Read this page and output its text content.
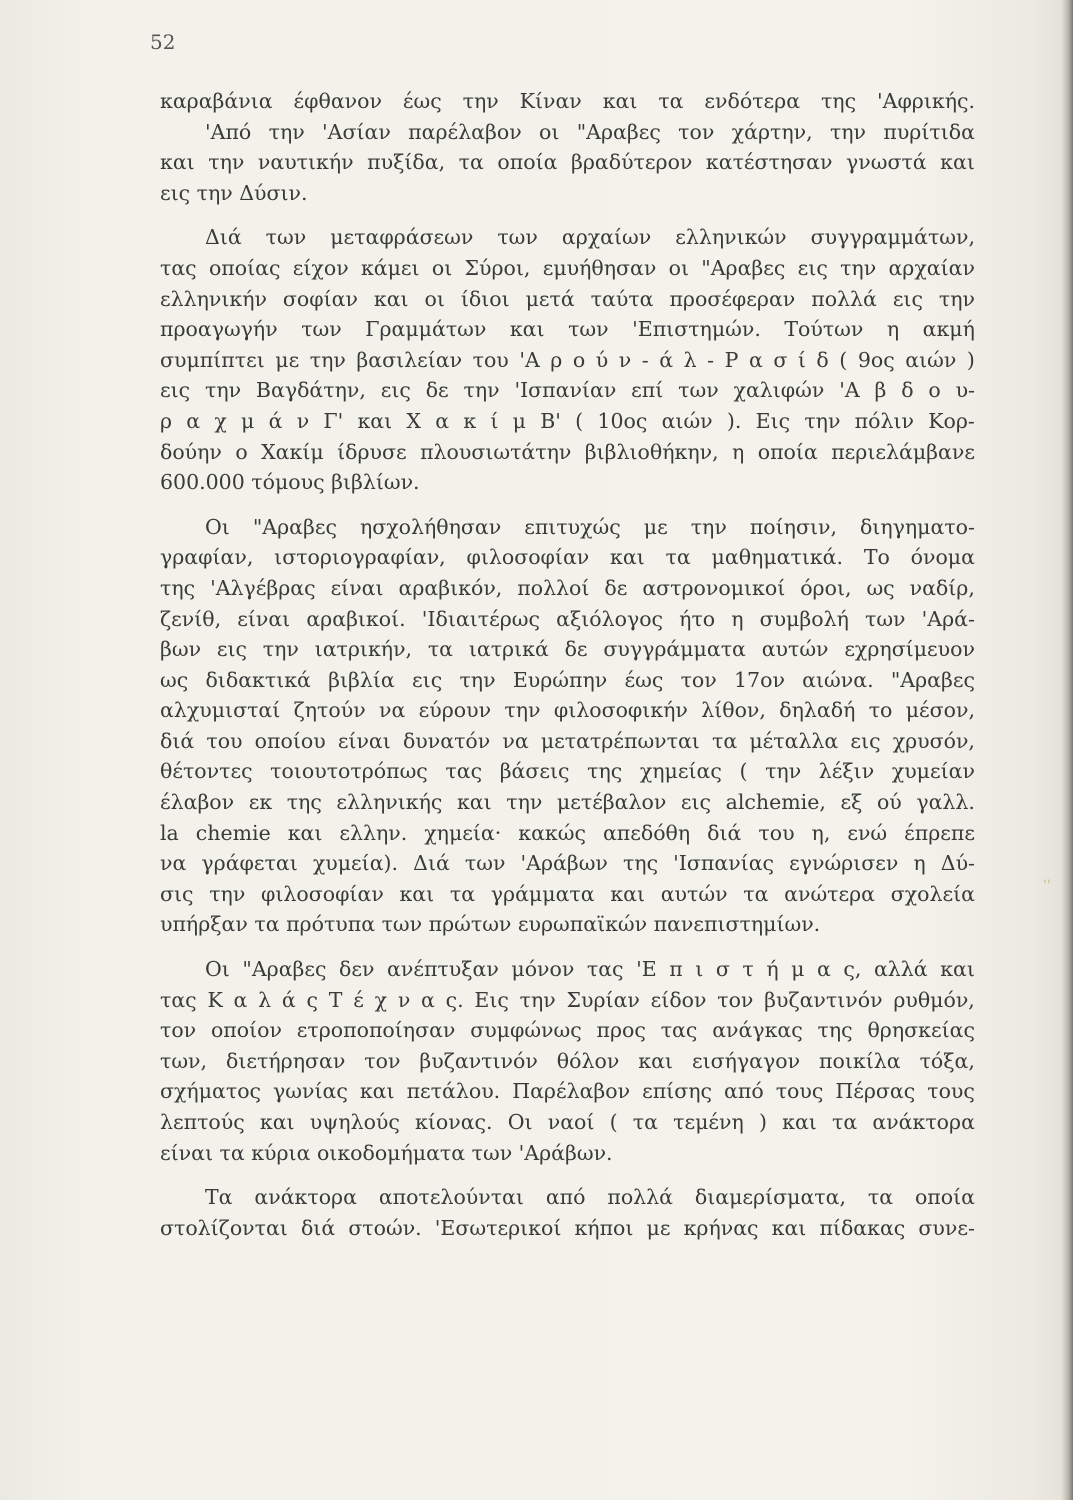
52
καραβάνια έφθανον έως την Κίναν και τα ενδότερα της 'Αφρικής.
'Από την 'Ασίαν παρέλαβον οι "Αραβες τον χάρτην, την πυρίτιδα
και την ναυτικήν πυξίδα, τα οποία βραδύτερον κατέστησαν γνωστά και
εις την Δύσιν.
Διά των μεταφράσεων των αρχαίων ελληνικών συγγραμμάτων,
τας οποίας είχον κάμει οι Σύροι, εμυήθησαν οι "Αραβες εις την αρχαίαν
ελληνικήν σοφίαν και οι ίδιοι μετά ταύτα προσέφεραν πολλά εις την
προαγωγήν των Γραμμάτων και των 'Επιστημών. Τούτων η ακμή
συμπίπτει με την βασιλείαν του 'Α ρ ο ύ ν - ά λ - Ρ α σ ί δ ( 9ος αιών )
εις την Βαγδάτην, εις δε την 'Ισπανίαν επί των χαλιφών 'Α β δ ο υ-
ρ α χ μ ά ν Γ' και Χ α κ ί μ Β' ( 10ος αιών ). Εις την πόλιν Κορ-
δούην ο Χακίμ ίδρυσε πλουσιωτάτην βιβλιοθήκην, η οποία περιελάμβανε
600.000 τόμους βιβλίων.
Οι "Αραβες ησχολήθησαν επιτυχώς με την ποίησιν, διηγηματο-
γραφίαν, ιστοριογραφίαν, φιλοσοφίαν και τα μαθηματικά. Το όνομα
της 'Αλγέβρας είναι αραβικόν, πολλοί δε αστρονομικοί όροι, ως ναδίρ,
ζενίθ, είναι αραβικοί. 'Ιδιαιτέρως αξιόλογος ήτο η συμβολή των 'Αρά-
βων εις την ιατρικήν, τα ιατρικά δε συγγράμματα αυτών εχρησίμευον
ως διδακτικά βιβλία εις την Ευρώπην έως τον 17ον αιώνα. "Αραβες
αλχυμισταί ζητούν να εύρουν την φιλοσοφικήν λίθον, δηλαδή το μέσον,
διά του οποίου είναι δυνατόν να μετατρέπωνται τα μέταλλα εις χρυσόν,
θέτοντες τοιουτοτρόπως τας βάσεις της χημείας ( την λέξιν χυμείαν
έλαβον εκ της ελληνικής και την μετέβαλον εις alchemie, εξ ού γαλλ.
la chemie και ελλην. χημεία· κακώς απεδόθη διά του η, ενώ έπρεπε
να γράφεται χυμεία). Διά των 'Αράβων της 'Ισπανίας εγνώρισεν η Δύ-
σις την φιλοσοφίαν και τα γράμματα και αυτών τα ανώτερα σχολεία
υπήρξαν τα πρότυπα των πρώτων ευρωπαϊκών πανεπιστημίων.
Οι "Αραβες δεν ανέπτυξαν μόνον τας 'Ε π ι σ τ ή μ α ς, αλλά και
τας Κ α λ ά ς Τ έ χ ν α ς. Εις την Συρίαν είδον τον βυζαντινόν ρυθμόν,
τον οποίον ετροποποίησαν συμφώνως προς τας ανάγκας της θρησκείας
των, διετήρησαν τον βυζαντινόν θόλον και εισήγαγον ποικίλα τόξα,
σχήματος γωνίας και πετάλου. Παρέλαβον επίσης από τους Πέρσας τους
λεπτούς και υψηλούς κίονας. Οι ναοί ( τα τεμένη ) και τα ανάκτορα
είναι τα κύρια οικοδομήματα των 'Αράβων.
Τα ανάκτορα αποτελούνται από πολλά διαμερίσματα, τα οποία
στολίζονται διά στοών. 'Εσωτερικοί κήποι με κρήνας και πίδακας συνε-
''
